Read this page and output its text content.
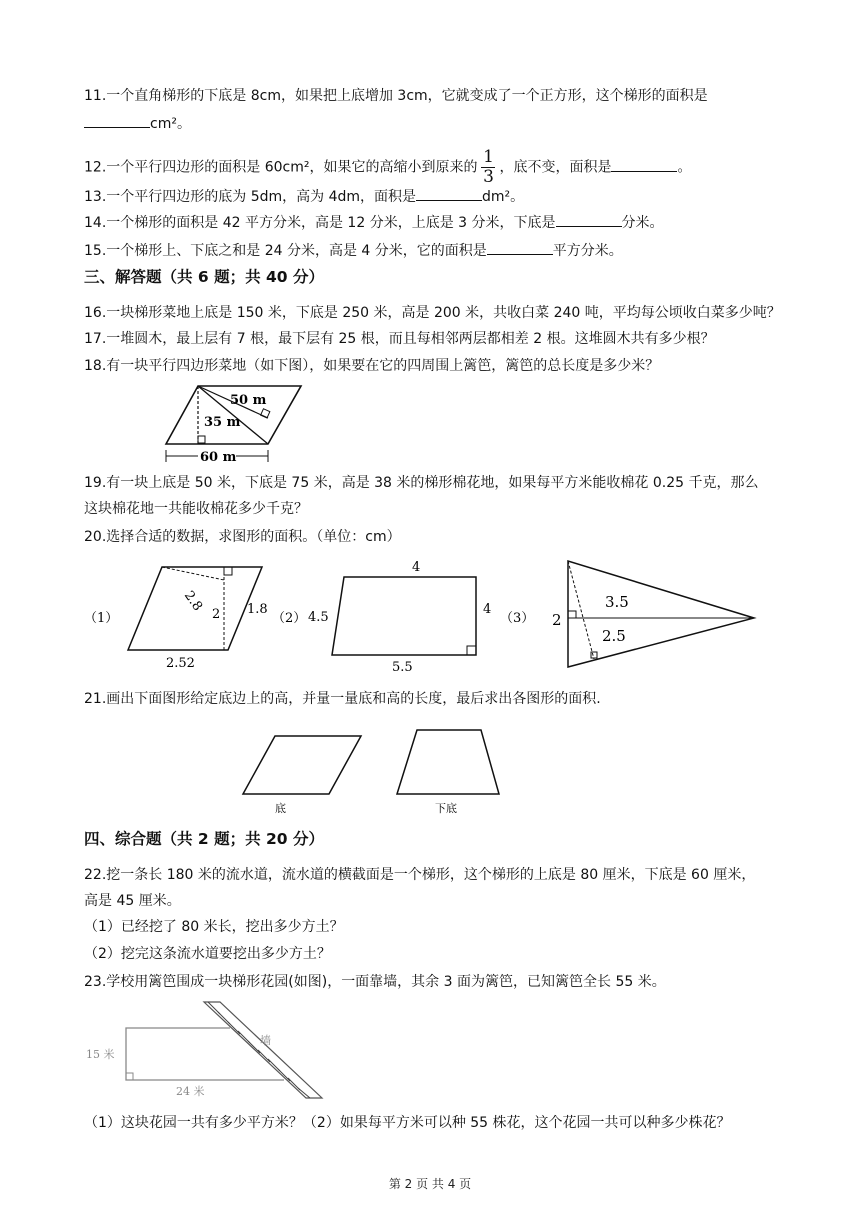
11.一个直角梯形的下底是 8cm，如果把上底增加 3cm，它就变成了一个正方形，这个梯形的面积是
cm²。
12.一个平行四边形的面积是 60cm²，如果它的高缩小到原来的 $\frac{1}{3}$ ，底不变，面积是	。
13.一个平行四边形的底为 5dm，高为 4dm，面积是	dm²。
14.一个梯形的面积是 42 平方分米，高是 12 分米，上底是 3 分米，下底是	分米。
15.一个梯形上、下底之和是 24 分米，高是 4 分米，它的面积是	平方分米。
三、解答题（共 6 题；共 40 分）
16.一块梯形菜地上底是 150 米，下底是 250 米，高是 200 米，共收白菜 240 吨，平均每公顷收白菜多少吨？
17.一堆圆木，最上层有 7 根，最下层有 25 根，而且每相邻两层都相差 2 根。这堆圆木共有多少根？
18.有一块平行四边形菜地（如下图），如果要在它的四周围上篱笆，篱笆的总长度是多少米？
50 m
35 m
60 m
19.有一块上底是 50 米，下底是 75 米，高是 38 米的梯形棉花地，如果每平方米能收棉花 0.25 千克，那么
这块棉花地一共能收棉花多少千克？
20.选择合适的数据，求图形的面积。（单位：cm）
（1）	2
2.8	1.8
2.52
（2）
4
4.5
4
5.5
（3） 2
3.5
2.5
21.画出下面图形给定底边上的高，并量一量底和高的长度，最后求出各图形的面积.
底	下底
四、综合题（共 2 题；共 20 分）
22.挖一条长 180 米的流水道，流水道的横截面是一个梯形，这个梯形的上底是 80 厘米，下底是 60 厘米，
高是 45 厘米。
（1）已经挖了 80 米长，挖出多少方土？
（2）挖完这条流水道要挖出多少方土？
23.学校用篱笆围成一块梯形花园(如图)，一面靠墙，其余 3 面为篱笆，已知篱笆全长 55 米。
15 米
24 米
墙
（1）这块花园一共有多少平方米？（2）如果每平方米可以种 55 株花，这个花园一共可以种多少株花？
第 2 页 共 4 页
